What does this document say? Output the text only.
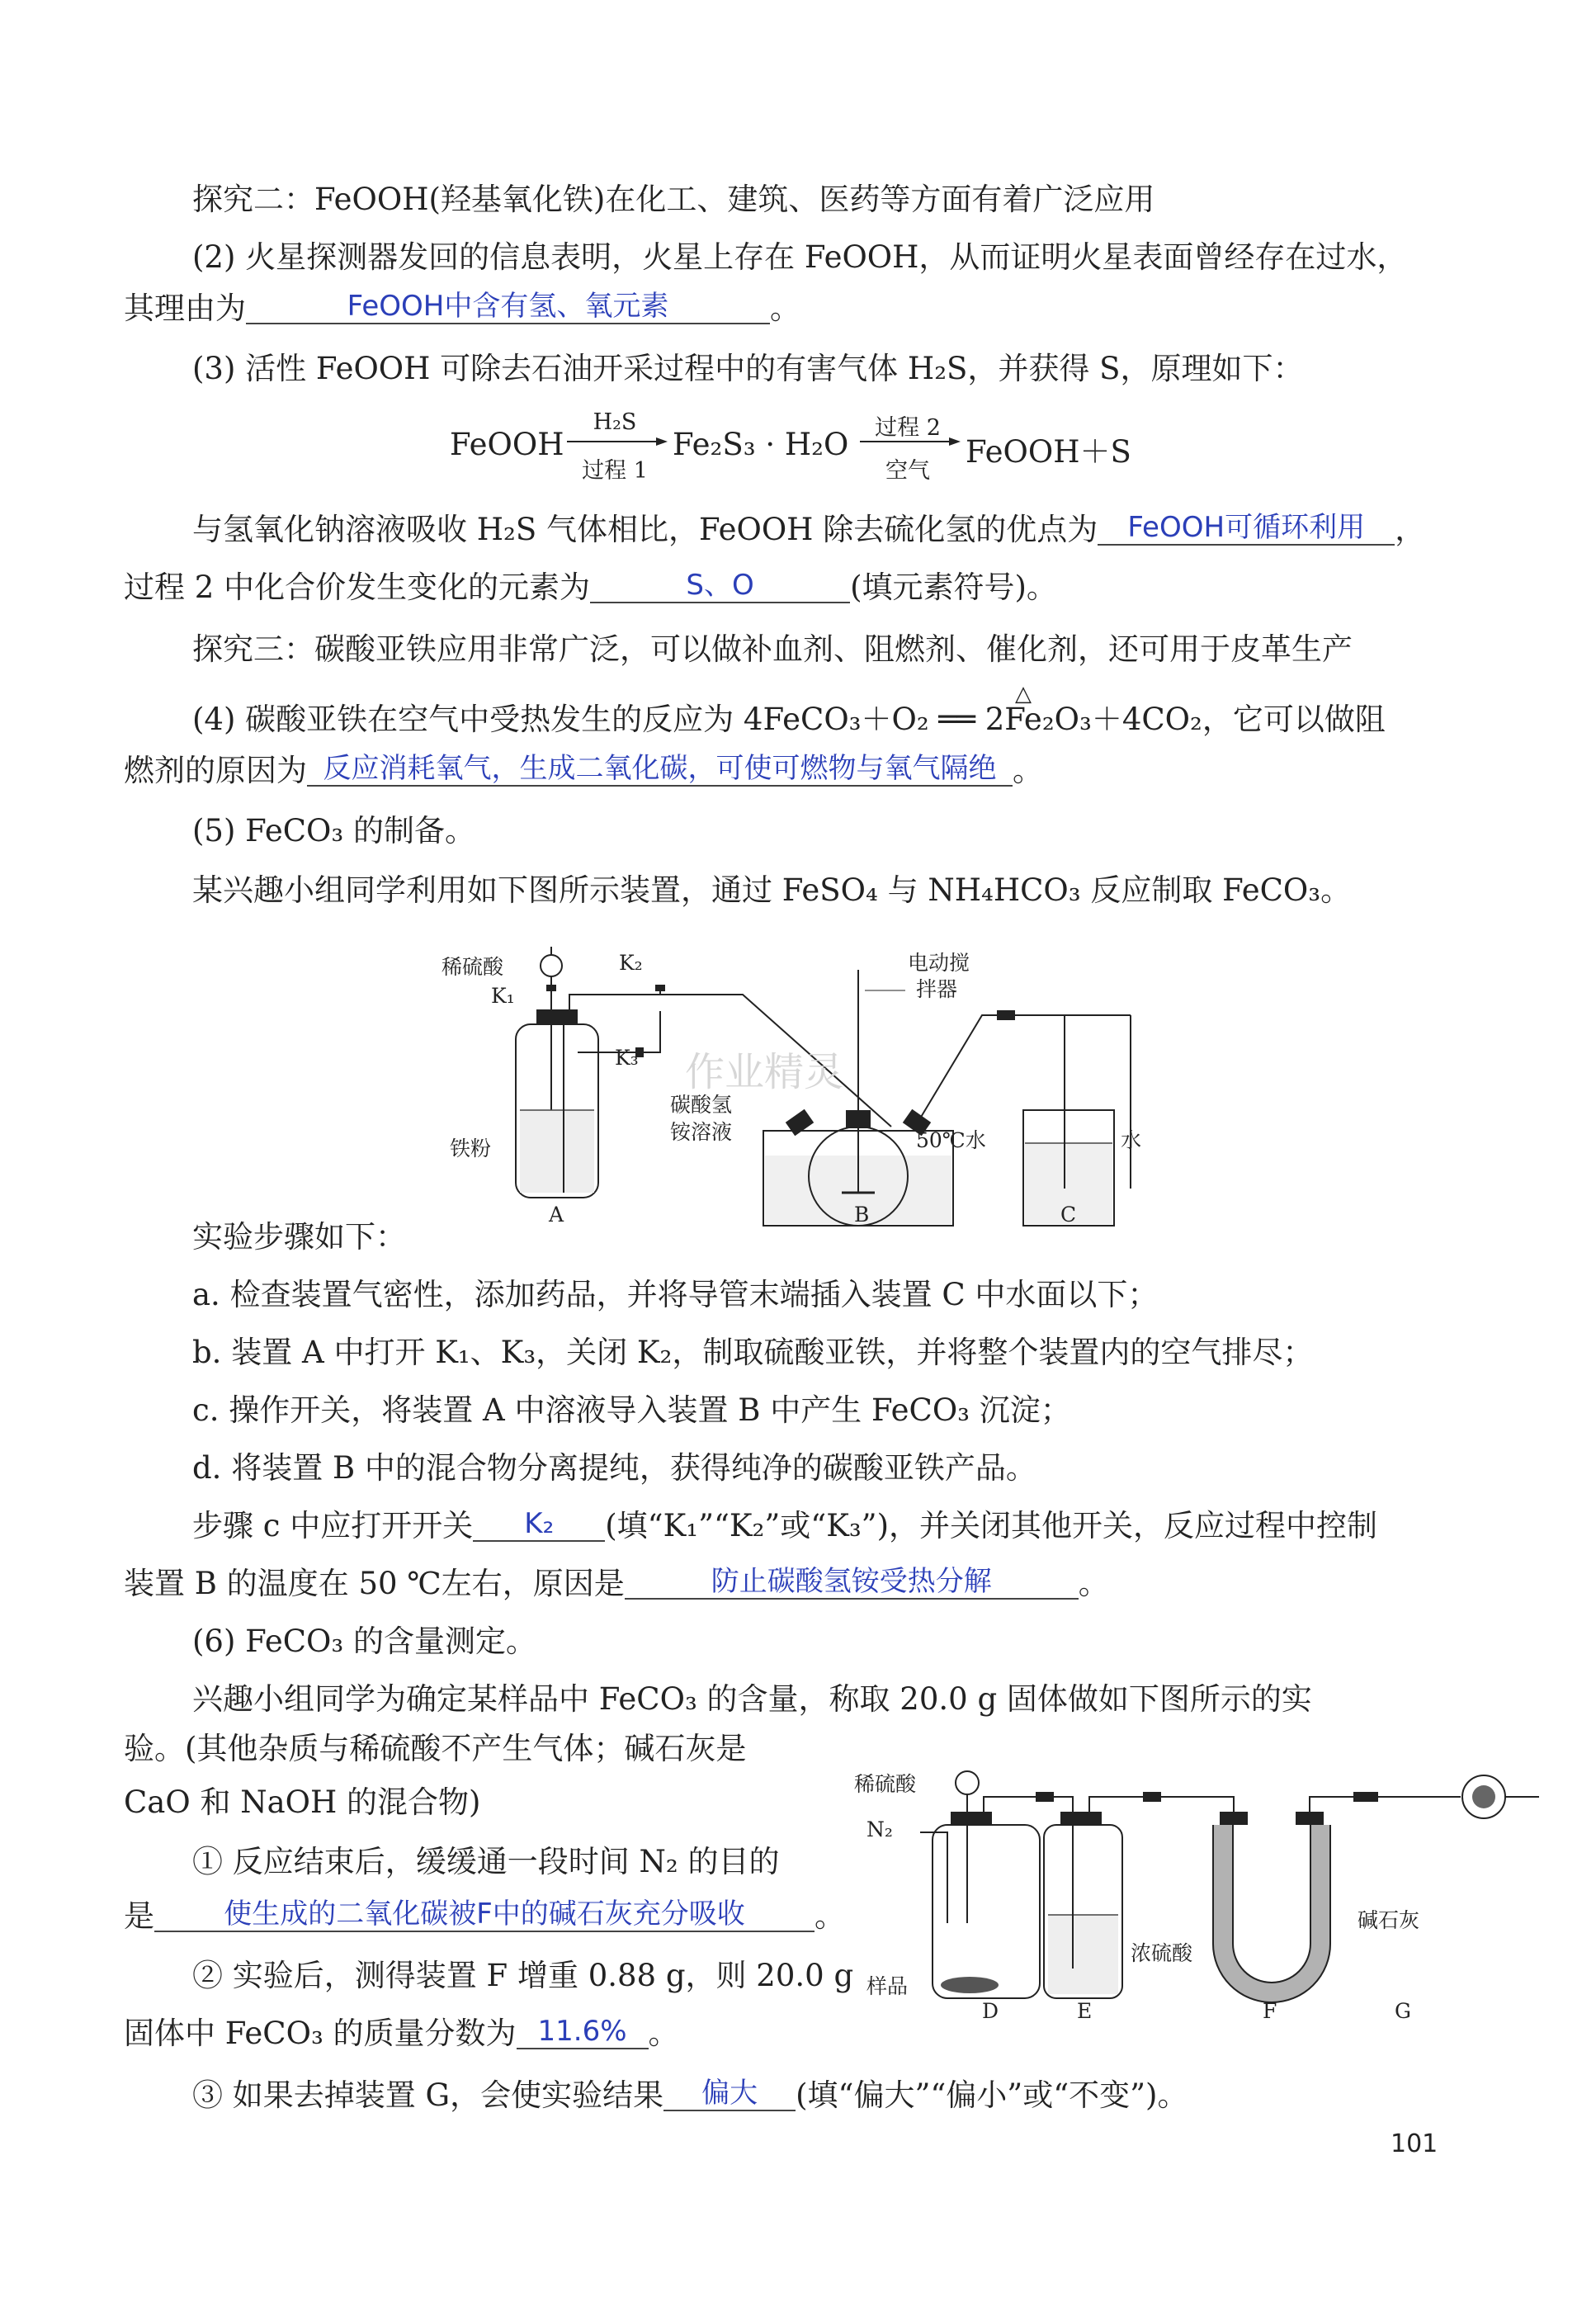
探究二：FeOOH(羟基氧化铁)在化工、建筑、医药等方面有着广泛应用
(2) 火星探测器发回的信息表明，火星上存在 FeOOH，从而证明火星表面曾经存在过水，
其理由为	FeOOH中含有氢、氧元素	。
(3) 活性 FeOOH 可除去石油开采过程中的有害气体 H₂S，并获得 S，原理如下：
FeOOH
H₂S
过程 1
Fe₂S₃ · H₂O	过程 2
空气
FeOOH＋S
与氢氧化钠溶液吸收 H₂S 气体相比，FeOOH 除去硫化氢的优点为 FeOOH可循环利用 ，
过程 2 中化合价发生变化的元素为	S、O	(填元素符号)。
探究三：碳酸亚铁应用非常广泛，可以做补血剂、阻燃剂、催化剂，还可用于皮革生产
△
(4) 碳酸亚铁在空气中受热发生的反应为 4FeCO₃＋O₂ ══ 2Fe₂O₃＋4CO₂，它可以做阻
燃剂的原因为 反应消耗氧气，生成二氧化碳，可使可燃物与氧气隔绝 。
(5) FeCO₃ 的制备。
某兴趣小组同学利用如下图所示装置，通过 FeSO₄ 与 NH₄HCO₃ 反应制取 FeCO₃。
稀硫酸
K₁
K₂
K₃
铁粉
碳酸氢
铵溶液
电动搅
拌器
50℃水	水
A	B	C
作业精灵
实验步骤如下：
a. 检查装置气密性，添加药品，并将导管末端插入装置 C 中水面以下；
b. 装置 A 中打开 K₁、K₃，关闭 K₂，制取硫酸亚铁，并将整个装置内的空气排尽；
c. 操作开关，将装置 A 中溶液导入装置 B 中产生 FeCO₃ 沉淀；
d. 将装置 B 中的混合物分离提纯，获得纯净的碳酸亚铁产品。
步骤 c 中应打开开关 K₂ (填“K₁”“K₂”或“K₃”)，并关闭其他开关，反应过程中控制
装置 B 的温度在 50 ℃左右，原因是	防止碳酸氢铵受热分解	。
(6) FeCO₃ 的含量测定。
兴趣小组同学为确定某样品中 FeCO₃ 的含量，称取 20.0 g 固体做如下图所示的实
验。(其他杂质与稀硫酸不产生气体；碱石灰是
CaO 和 NaOH 的混合物)
① 反应结束后，缓缓通一段时间 N₂ 的目的
是 使生成的二氧化碳被F中的碱石灰充分吸收 。
② 实验后，测得装置 F 增重 0.88 g，则 20.0 g
固体中 FeCO₃ 的质量分数为 11.6% 。
③ 如果去掉装置 G，会使实验结果 偏大 (填“偏大”“偏小”或“不变”)。
稀硫酸
N₂
样品
浓硫酸
碱石灰
D	E	F	G
101
